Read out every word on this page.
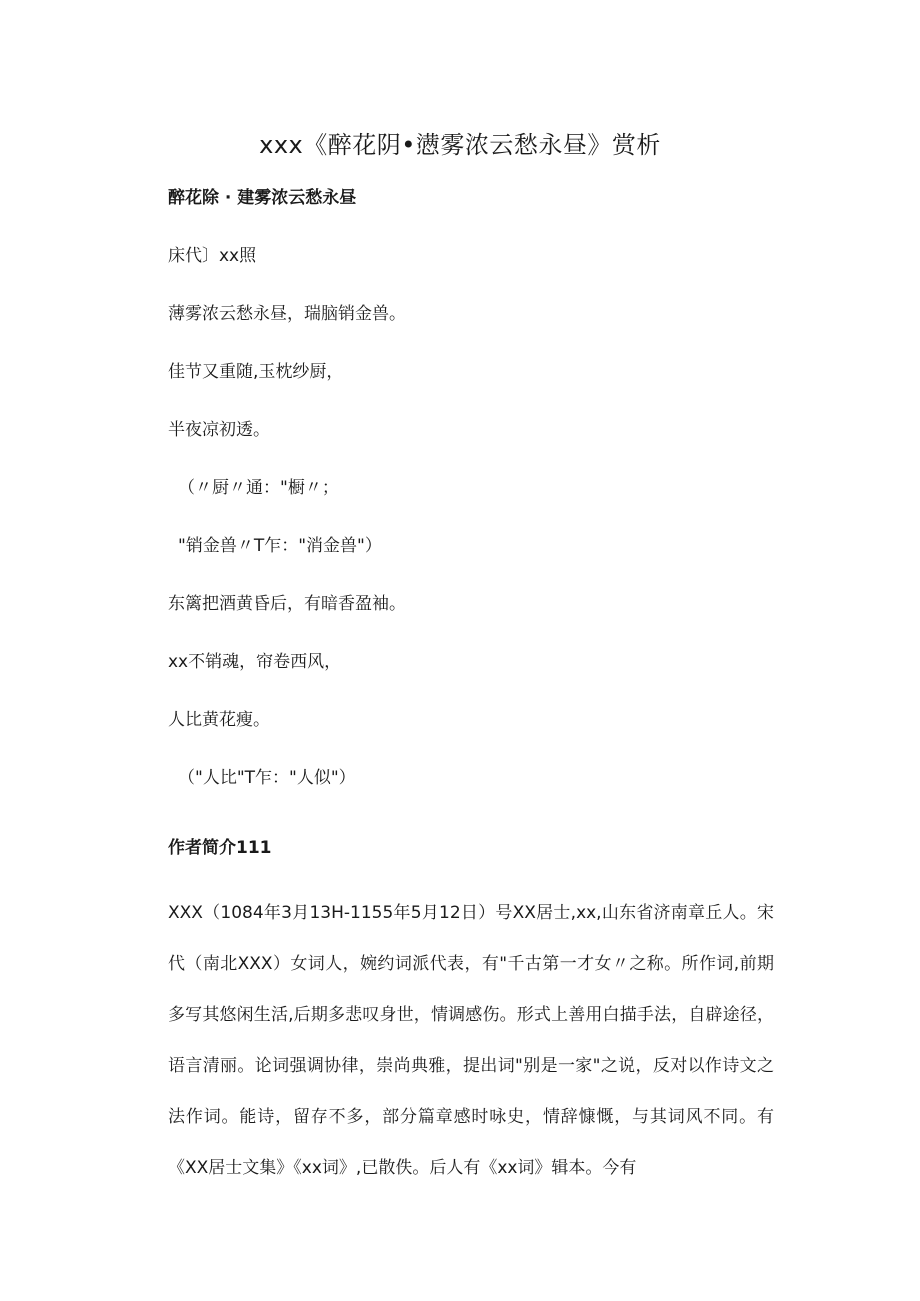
xxx《醉花阴•懑雾浓云愁永昼》赏析
醉花除 · 建雾浓云愁永昼
床代〕xx照
薄雾浓云愁永昼，瑞脑销金兽。
佳节又重随,玉枕纱厨，
半夜凉初透。
（〃厨〃通："橱〃；
"销金兽〃T乍："消金兽"）
东篱把酒黄昏后，有暗香盈袖。
xx不销魂，帘卷西风，
人比黄花瘦。
（"人比"T乍："人似"）
作者简介111
XXX（1084年3月13H-1155年5月12日）号XX居士,xx,山东省济南章丘人。宋代（南北XXX）女词人，婉约词派代表，有"千古第一才女〃之称。所作词,前期多写其悠闲生活,后期多悲叹身世，情调感伤。形式上善用白描手法，自辟途径，语言清丽。论词强调协律，崇尚典雅，提出词"别是一家"之说，反对以作诗文之法作词。能诗，留存不多，部分篇章感时咏史，情辞慷慨，与其词风不同。有《XX居士文集》《xx词》,已散佚。后人有《xx词》辑本。今有
